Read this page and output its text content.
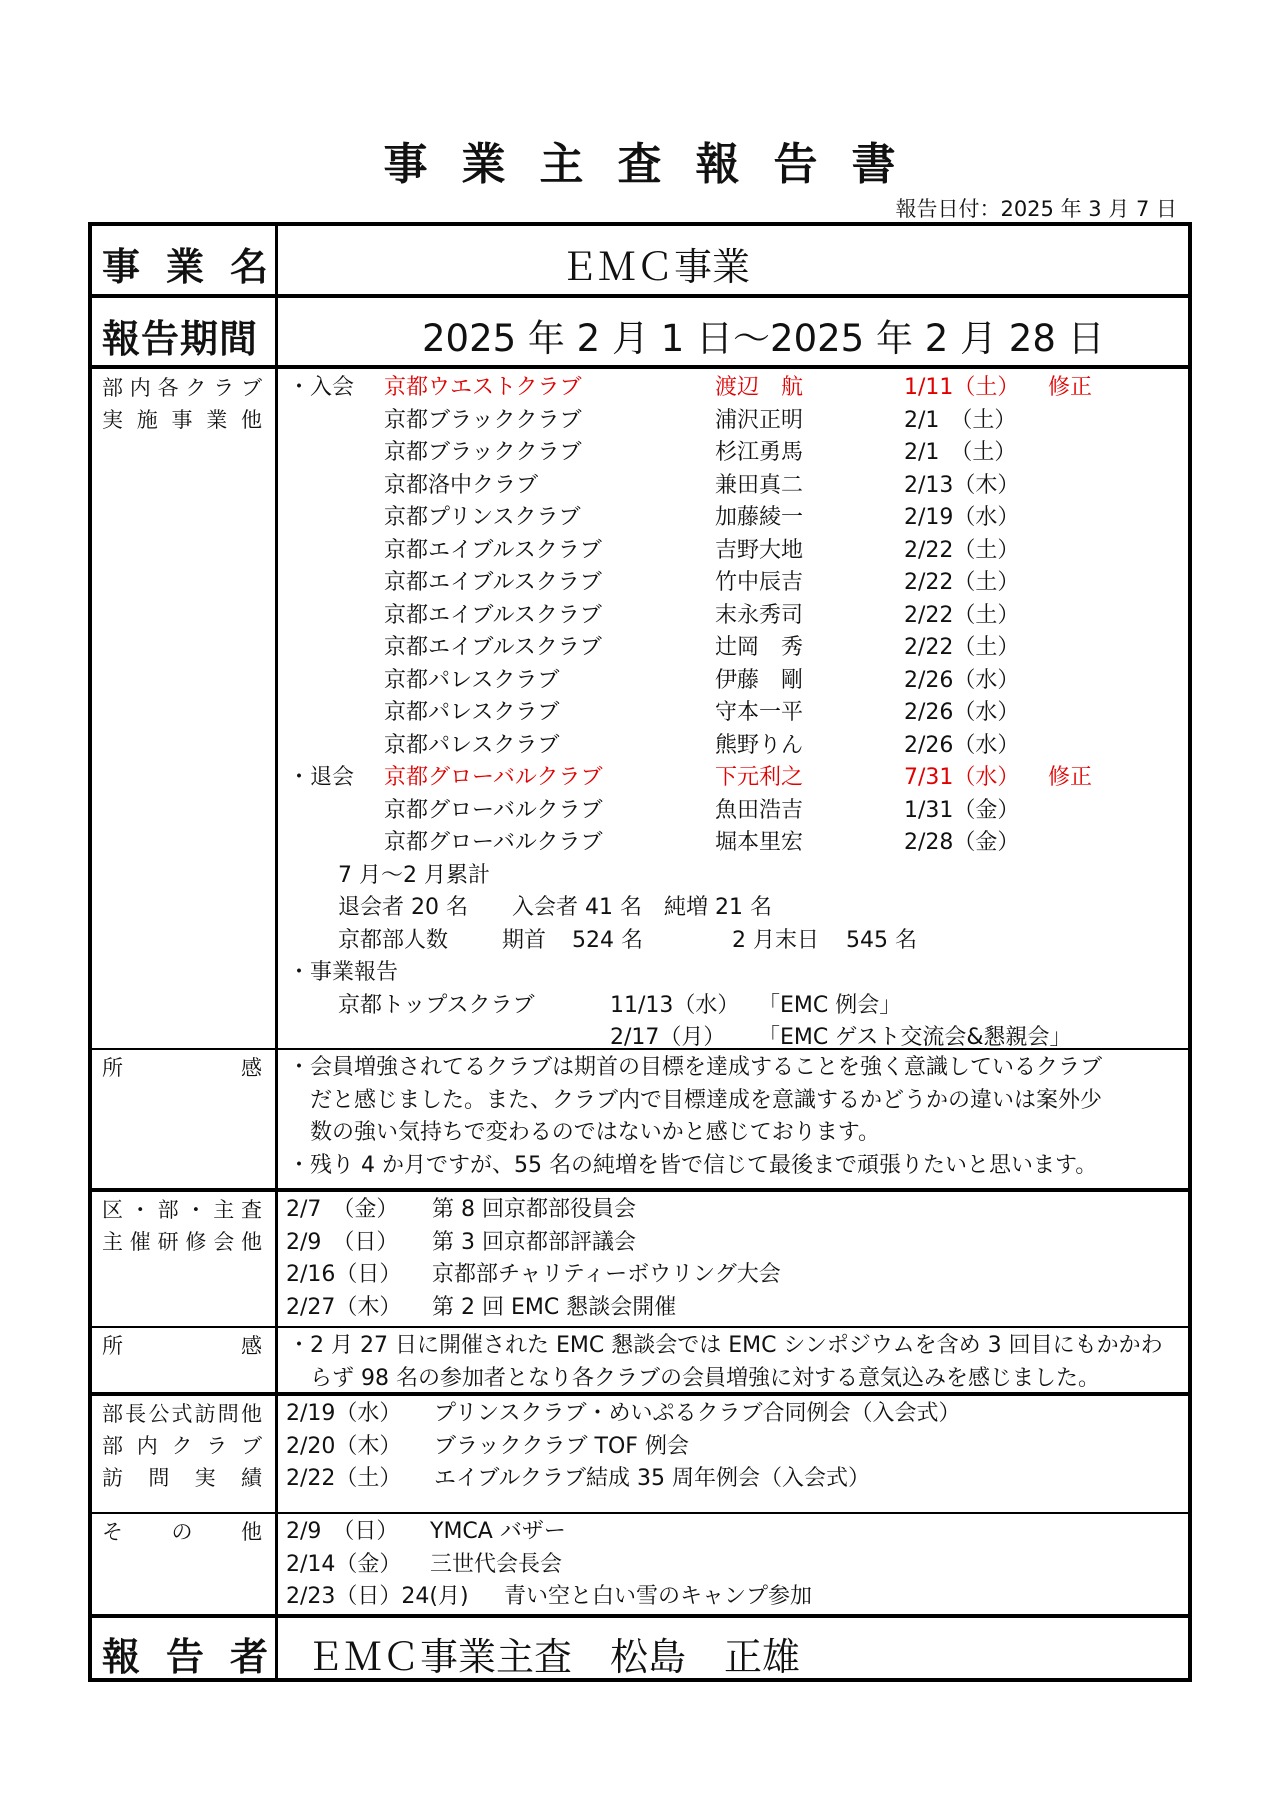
事 業 主 査 報 告 書
報告日付：2025 年 3 月 7 日
事 業 名	ＥＭＣ事業
報告期間	2025 年 2 月 1 日～2025 年 2 月 28 日
部 内 各 ク ラ ブ
実 施 事 業 他
・入会 京都ウエストクラブ	渡辺　航	1/11（土） 修正
京都ブラッククラブ	浦沢正明	2/1　（土）
京都ブラッククラブ	杉江勇馬	2/1　（土）
京都洛中クラブ	兼田真二	2/13（木）
京都プリンスクラブ	加藤綾一	2/19（水）
京都エイブルスクラブ	吉野大地	2/22（土）
京都エイブルスクラブ	竹中辰吉	2/22（土）
京都エイブルスクラブ	末永秀司	2/22（土）
京都エイブルスクラブ	辻岡　秀	2/22（土）
京都パレスクラブ	伊藤　剛	2/26（水）
京都パレスクラブ	守本一平	2/26（水）
京都パレスクラブ	熊野りん	2/26（水）
・退会 京都グローバルクラブ	下元利之	7/31（水） 修正
京都グローバルクラブ	魚田浩吉	1/31（金）
京都グローバルクラブ	堀本里宏	2/28（金）
7 月～2 月累計
退会者 20 名　　入会者 41 名　純増 21 名
京都部人数 期首 524 名	2 月末日 545 名
・事業報告
京都トップスクラブ	11/13（水） 「EMC 例会」
2/17（月） 「EMC ゲスト交流会&懇親会」
所	感 ・会員増強されてるクラブは期首の目標を達成することを強く意識しているクラブ
だと感じました。また、クラブ内で目標達成を意識するかどうかの違いは案外少
数の強い気持ちで変わるのではないかと感じております。
・残り 4 か月ですが、55 名の純増を皆で信じて最後まで頑張りたいと思います。
区 ・ 部 ・ 主 査
主 催 研 修 会 他
2/7　（金） 第 8 回京都部役員会
2/9　（日） 第 3 回京都部評議会
2/16（日） 京都部チャリティーボウリング大会
2/27（木） 第 2 回 EMC 懇談会開催
所	感 ・2 月 27 日に開催された EMC 懇談会では EMC シンポジウムを含め 3 回目にもかかわ
らず 98 名の参加者となり各クラブの会員増強に対する意気込みを感じました。
部 長 公 式 訪 問 他
部 内 ク ラ ブ
訪 問 実 績
2/19（水） プリンスクラブ・めいぷるクラブ合同例会（入会式）
2/20（木） ブラッククラブ TOF 例会
2/22（土） エイブルクラブ結成 35 周年例会（入会式）
そ の 他 2/9　（日） YMCA バザー
2/14（金） 三世代会長会
2/23（日）24(月) 青い空と白い雪のキャンプ参加
報 告 者 ＥＭＣ事業主査　松島　正雄
